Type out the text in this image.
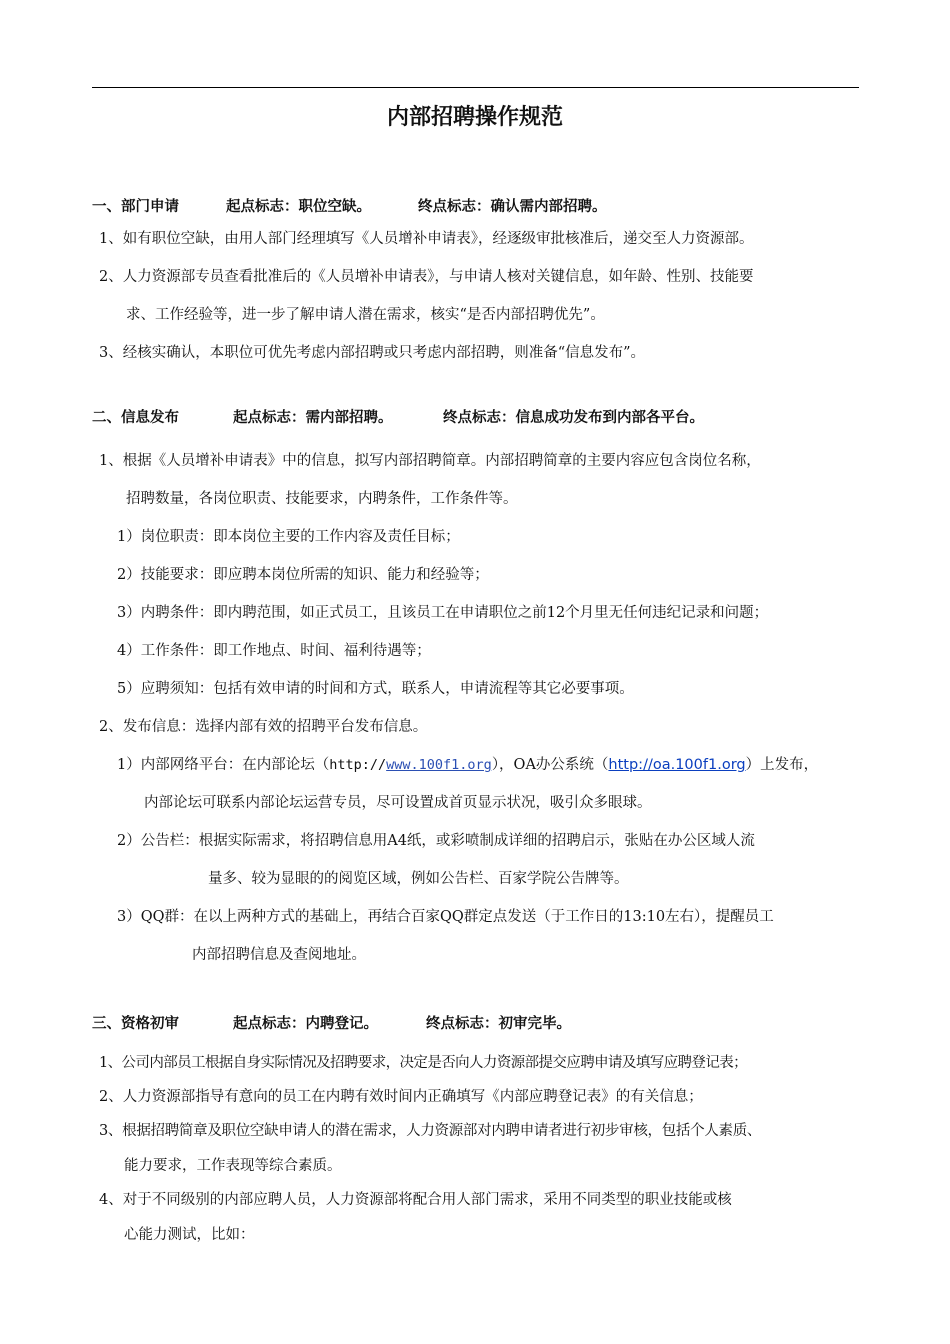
内部招聘操作规范
一、部门申请	起点标志：职位空缺。	终点标志：确认需内部招聘。
1、如有职位空缺，由用人部门经理填写《人员增补申请表》，经逐级审批核准后，递交至人力资源部。
2、人力资源部专员查看批准后的《人员增补申请表》，与申请人核对关键信息，如年龄、性别、技能要
求、工作经验等，进一步了解申请人潜在需求，核实“是否内部招聘优先”。
3、经核实确认，本职位可优先考虑内部招聘或只考虑内部招聘，则准备“信息发布”。
二、信息发布	起点标志：需内部招聘。	终点标志：信息成功发布到内部各平台。
1、根据《人员增补申请表》中的信息，拟写内部招聘简章。内部招聘简章的主要内容应包含岗位名称，
招聘数量，各岗位职责、技能要求，内聘条件，工作条件等。
1）岗位职责：即本岗位主要的工作内容及责任目标；
2）技能要求：即应聘本岗位所需的知识、能力和经验等；
3）内聘条件：即内聘范围，如正式员工，且该员工在申请职位之前12个月里无任何违纪记录和问题；
4）工作条件：即工作地点、时间、福利待遇等；
5）应聘须知：包括有效申请的时间和方式，联系人，申请流程等其它必要事项。
2、发布信息：选择内部有效的招聘平台发布信息。
1）内部网络平台：在内部论坛（http://www.100f1.org），OA办公系统（http://oa.100f1.org）上发布，
内部论坛可联系内部论坛运营专员，尽可设置成首页显示状况，吸引众多眼球。
2）公告栏：根据实际需求，将招聘信息用A4纸，或彩喷制成详细的招聘启示，张贴在办公区域人流
量多、较为显眼的的阅览区域，例如公告栏、百家学院公告牌等。
3）QQ群：在以上两种方式的基础上，再结合百家QQ群定点发送（于工作日的13:10左右），提醒员工
内部招聘信息及查阅地址。
三、资格初审	起点标志：内聘登记。	终点标志：初审完毕。
1、公司内部员工根据自身实际情况及招聘要求，决定是否向人力资源部提交应聘申请及填写应聘登记表；
2、人力资源部指导有意向的员工在内聘有效时间内正确填写《内部应聘登记表》的有关信息；
3、根据招聘简章及职位空缺申请人的潜在需求，人力资源部对内聘申请者进行初步审核，包括个人素质、
能力要求，工作表现等综合素质。
4、对于不同级别的内部应聘人员，人力资源部将配合用人部门需求，采用不同类型的职业技能或核
心能力测试，比如：
